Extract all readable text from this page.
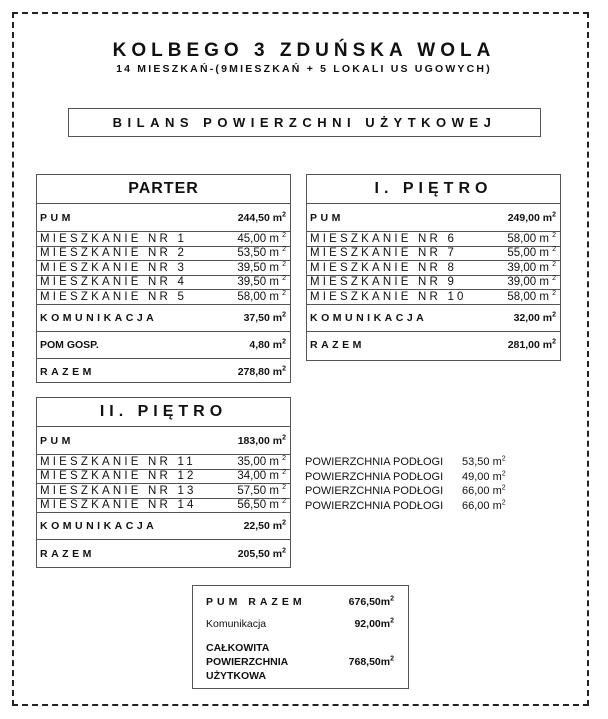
KOLBEGO 3 ZDUŃSKA WOLA
14 MIESZKAŃ-(9MIESZKAŃ + 5 LOKALI US UGOWYCH)
BILANS POWIERZCHNI UŻYTKOWEJ
PARTER
PUM	244,50 $m^2$
MIESZKANIE NR 1	45,00 m $^2$
MIESZKANIE NR 2	53,50 m $^2$
MIESZKANIE NR 3	39,50 m $^2$
MIESZKANIE NR 4	39,50 m $^2$
MIESZKANIE NR 5	58,00 m $^2$
KOMUNIKACJA	37,50 $m^2$
POM GOSP.	4,80 $m^2$
RAZEM	278,80 $m^2$
I. PIĘTRO
PUM	249,00 $m^2$
MIESZKANIE NR 6	58,00 m $^2$
MIESZKANIE NR 7	55,00 m $^2$
MIESZKANIE NR 8	39,00 m $^2$
MIESZKANIE NR 9	39,00 m $^2$
MIESZKANIE NR 10	58,00 m $^2$
KOMUNIKACJA	32,00 $m^2$
RAZEM	281,00 $m^2$
II. PIĘTRO
PUM	183,00 $m^2$
MIESZKANIE NR 11	35,00 m $^2$
MIESZKANIE NR 12	34,00 m $^2$
MIESZKANIE NR 13	57,50 m $^2$
MIESZKANIE NR 14	56,50 m $^2$
KOMUNIKACJA	22,50 $m^2$
RAZEM	205,50 $m^2$
POWIERZCHNIA PODŁOGI	53,50 $m^2$
POWIERZCHNIA PODŁOGI	49,00 $m^2$
POWIERZCHNIA PODŁOGI	66,00 $m^2$
POWIERZCHNIA PODŁOGI	66,00 $m^2$
PUM RAZEM	$676,50m^2$
Komunikacja	$92,00m^2$
CAŁKOWITA
POWIERZCHNIA
UŻYTKOWA
$768,50m^2$
